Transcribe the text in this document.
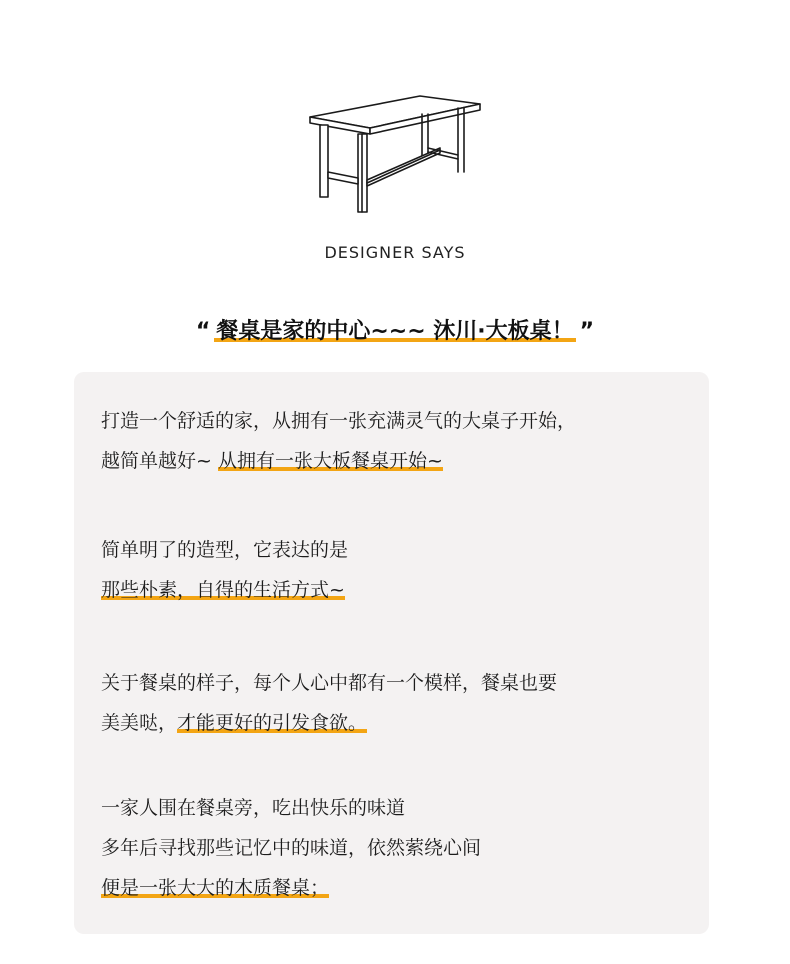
DESIGNER SAYS
“ 餐桌是家的中心~~~ 沐川·大板桌！ ”
打造一个舒适的家，从拥有一张充满灵气的大桌子开始，
越简单越好~ 从拥有一张大板餐桌开始~
简单明了的造型，它表达的是
那些朴素，自得的生活方式~
关于餐桌的样子，每个人心中都有一个模样，餐桌也要
美美哒，才能更好的引发食欲。
一家人围在餐桌旁，吃出快乐的味道
多年后寻找那些记忆中的味道，依然萦绕心间
便是一张大大的木质餐桌；
